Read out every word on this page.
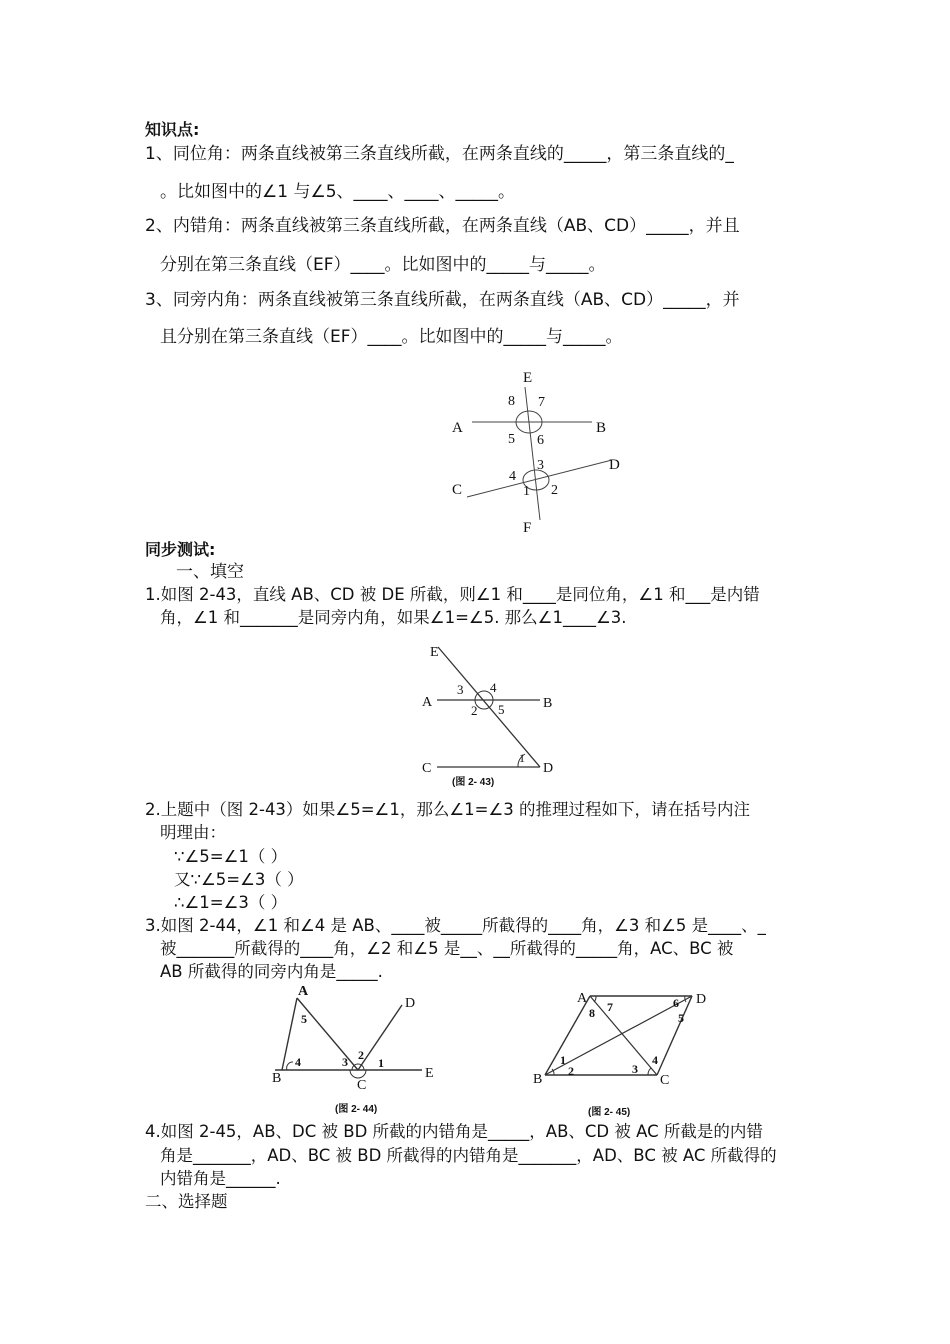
知识点:
1、同位角：两条直线被第三条直线所截，在两条直线的_____，第三条直线的_
。比如图中的∠1 与∠5、____、____、_____。
2、内错角：两条直线被第三条直线所截，在两条直线（AB、CD）_____，并且
分别在第三条直线（EF）____。比如图中的_____与_____。
3、同旁内角：两条直线被第三条直线所截，在两条直线（AB、CD）_____，并
且分别在第三条直线（EF）____。比如图中的_____与_____。
E
F
A	B
C
D
8 7
5 6
3
4
1 2
同步测试:
一、填空
1.如图 2-43，直线 AB、CD 被 DE 所截，则∠1 和____是同位角，∠1 和___是内错
角，∠1 和_______是同旁内角，如果∠1=∠5. 那么∠1____∠3.
E
A	B
C	D
3 4
2 5
1
(图 2- 43)
2.上题中（图 2-43）如果∠5=∠1，那么∠1=∠3 的推理过程如下，请在括号内注
明理由：
∵∠5=∠1（ ）
又∵∠5=∠3（ ）
∴∠1=∠3（ ）
3.如图 2-44，∠1 和∠4 是 AB、____被_____所截得的____角，∠3 和∠5 是____、_
被_______所截得的____角，∠2 和∠5 是__、__所截得的_____角，AC、BC 被
AB 所截得的同旁内角是_____.
A
B	C
D
E
5
4	3 2
1
(图 2- 44)
A
B	C
D
8 7	6
5
1
2	3
4
(图 2- 45)
4.如图 2-45，AB、DC 被 BD 所截的内错角是_____，AB、CD 被 AC 所截是的内错
角是_______，AD、BC 被 BD 所截得的内错角是_______，AD、BC 被 AC 所截得的
内错角是______.
二、选择题
